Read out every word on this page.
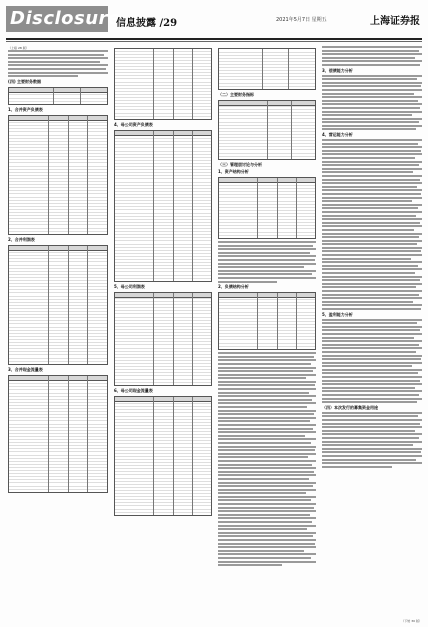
Disclosure
信息披露 /29	2021年5月7日 星期五	上海证券报
（上接 28 版）
(四) 主要财务数据
1、合并资产负债表
2、合并利润表
3、合并现金流量表
4、母公司资产负债表
5、母公司利润表
6、母公司现金流量表
（二）主要财务指标
（三）管理层讨论与分析
1、资产结构分析
2、负债结构分析
3、偿债能力分析
4、营运能力分析
5、盈利能力分析
（四）本次发行的募集资金用途
（下转 30 版）
